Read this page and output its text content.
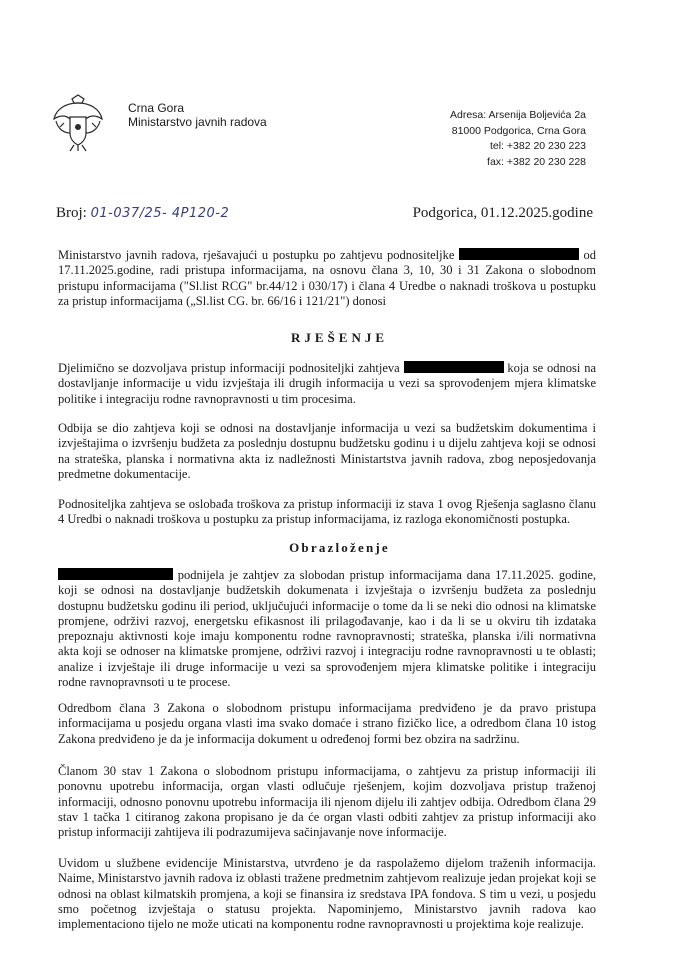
Crna Gora
Ministarstvo javnih radova	Adresa: Arsenija Boljevića 2a
81000 Podgorica, Crna Gora
tel: +382 20 230 223
fax: +382 20 230 228
Broj: 01-037/25- 4P120-2	Podgorica, 01.12.2025.godine

Ministarstvo javnih radova, rješavajući u postupku po zahtjevu podnositeljke	od 17.11.2025.godine, radi pristupa informacijama, na osnovu člana 3, 10, 30 i 31 Zakona o slobodnom pristupu informacijama ("Sl.list RCG" br.44/12 i 030/17) i člana 4 Uredbe o naknadi troškova u postupku za pristup informacijama („Sl.list CG. br. 66/16 i 121/21") donosi

RJEŠENJE

Djelimično se dozvoljava pristup informaciji podnositeljki zahtjeva	koja se odnosi na dostavljanje informacije u vidu izvještaja ili drugih informacija u vezi sa sprovođenjem mjera klimatske politike i integraciju rodne ravnopravnosti u tim procesima.

Odbija se dio zahtjeva koji se odnosi na dostavljanje informacija u vezi sa budžetskim dokumentima i izvještajima o izvršenju budžeta za poslednju dostupnu budžetsku godinu i u dijelu zahtjeva koji se odnosi na strateška, planska i normativna akta iz nadležnosti Ministartstva javnih radova, zbog neposjedovanja predmetne dokumentacije.

Podnositeljka zahtjeva se oslobađa troškova za pristup informaciji iz stava 1 ovog Rješenja saglasno članu 4 Uredbi o naknadi troškova u postupku za pristup informacijama, iz razloga ekonomičnosti postupka.

Obrazloženje

podnijela je zahtjev za slobodan pristup informacijama dana 17.11.2025. godine, koji se odnosi na dostavljanje budžetskih dokumenata i izvještaja o izvršenju budžeta za poslednju dostupnu budžetsku godinu ili period, uključujući informacije o tome da li se neki dio odnosi na klimatske promjene, održivi razvoj, energetsku efikasnost ili prilagođavanje, kao i da li se u okviru tih izdataka prepoznaju aktivnosti koje imaju komponentu rodne ravnopravnosti; strateška, planska i/ili normativna akta koji se odnoser na klimatske promjene, održivi razvoj i integraciju rodne ravnopravnosti u te oblasti; analize i izvještaje ili druge informacije u vezi sa sprovođenjem mjera klimatske politike i integraciju rodne ravnopravnsoti u te procese.

Odredbom člana 3 Zakona o slobodnom pristupu informacijama predviđeno je da pravo pristupa informacijama u posjedu organa vlasti ima svako domaće i strano fizičko lice, a odredbom člana 10 istog Zakona predviđeno je da je informacija dokument u određenoj formi bez obzira na sadržinu.

Članom 30 stav 1 Zakona o slobodnom pristupu informacijama, o zahtjevu za pristup informaciji ili ponovnu upotrebu informacija, organ vlasti odlučuje rješenjem, kojim dozvoljava pristup traženoj informaciji, odnosno ponovnu upotrebu informacija ili njenom dijelu ili zahtjev odbija. Odredbom člana 29 stav 1 tačka 1 citiranog zakona propisano je da će organ vlasti odbiti zahtjev za pristup informaciji ako pristup informaciji zahtijeva ili podrazumijeva sačinjavanje nove informacije.

Uvidom u službene evidencije Ministarstva, utvrđeno je da raspolažemo dijelom traženih informacija. Naime, Ministarstvo javnih radova iz oblasti tražene predmetnim zahtjevom realizuje jedan projekat koji se odnosi na oblast kilmatskih promjena, a koji se finansira iz sredstava IPA fondova. S tim u vezi, u posjedu smo početnog izvještaja o statusu projekta. Napominjemo, Ministarstvo javnih radova kao implementaciono tijelo ne može uticati na komponentu rodne ravnopravnosti u projektima koje realizuje.
